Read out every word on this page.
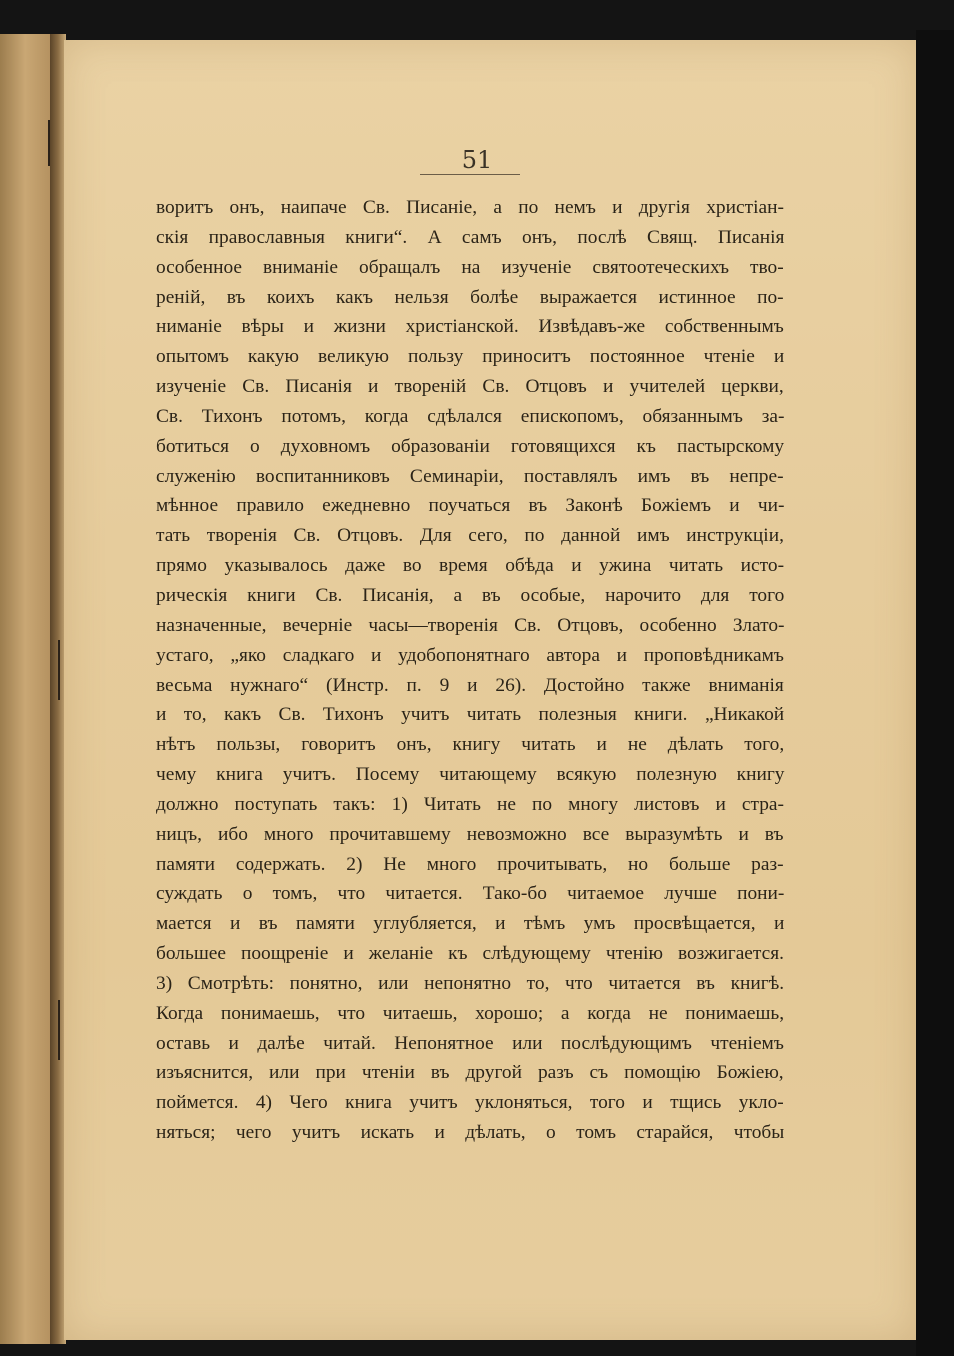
51
воритъ онъ, наипаче Св. Писаніе, а по немъ и другія христіан-
скія православныя книги“. А самъ онъ, послѣ Свящ. Писанія
особенное вниманіе обращалъ на изученіе святоотеческихъ тво-
реній, въ коихъ какъ нельзя болѣе выражается истинное по-
ниманіе вѣры и жизни христіанской. Извѣдавъ-же собственнымъ
опытомъ какую великую пользу приноситъ постоянное чтеніе и
изученіе Св. Писанія и твореній Св. Отцовъ и учителей церкви,
Св. Тихонъ потомъ, когда сдѣлался епископомъ, обязаннымъ за-
ботиться о духовномъ образованіи готовящихся къ пастырскому
служенію воспитанниковъ Семинаріи, поставлялъ имъ въ непре-
мѣнное правило ежедневно поучаться въ Законѣ Божіемъ и чи-
тать творенія Св. Отцовъ. Для сего, по данной имъ инструкціи,
прямо указывалось даже во время обѣда и ужина читать исто-
рическія книги Св. Писанія, а въ особые, нарочито для того
назначенные, вечерніе часы—творенія Св. Отцовъ, особенно Злато-
устаго, „яко сладкаго и удобопонятнаго автора и проповѣдникамъ
весьма нужнаго“ (Инстр. п. 9 и 26). Достойно также вниманія
и то, какъ Св. Тихонъ учитъ читать полезныя книги. „Никакой
нѣтъ пользы, говоритъ онъ, книгу читать и не дѣлать того,
чему книга учитъ. Посему читающему всякую полезную книгу
должно поступать такъ: 1) Читать не по многу листовъ и стра-
ницъ, ибо много прочитавшему невозможно все выразумѣть и въ
памяти содержать. 2) Не много прочитывать, но больше раз-
суждать о томъ, что читается. Тако-бо читаемое лучше пони-
мается и въ памяти углубляется, и тѣмъ умъ просвѣщается, и
большее поощреніе и желаніе къ слѣдующему чтенію возжигается.
3) Смотрѣть: понятно, или непонятно то, что читается въ книгѣ.
Когда понимаешь, что читаешь, хорошо; а когда не понимаешь,
оставь и далѣе читай. Непонятное или послѣдующимъ чтеніемъ
изъяснится, или при чтеніи въ другой разъ съ помощію Божіею,
поймется. 4) Чего книга учитъ уклоняться, того и тщись укло-
няться; чего учитъ искать и дѣлать, о томъ старайся, чтобы
